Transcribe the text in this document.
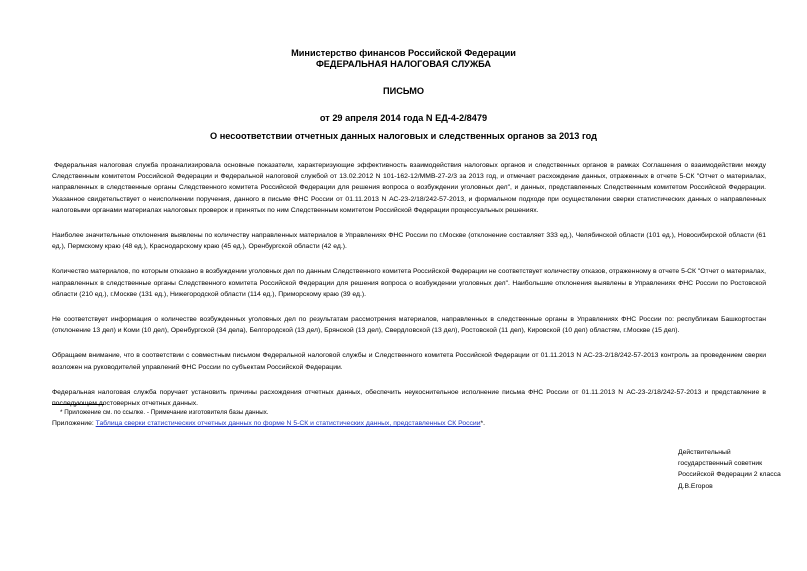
Министерство финансов Российской Федерации
ФЕДЕРАЛЬНАЯ НАЛОГОВАЯ СЛУЖБА
ПИСЬМО
от 29 апреля 2014 года N ЕД-4-2/8479
О несоответствии отчетных данных налоговых и следственных органов за 2013 год

Федеральная налоговая служба проанализировала основные показатели, характеризующие эффективность взаимодействия налоговых органов и следственных органов в рамках Соглашения о взаимодействии между Следственным комитетом Российской Федерации и Федеральной налоговой службой от 13.02.2012 N 101-162-12/ММВ-27-2/3 за 2013 год, и отмечает расхождение данных, отраженных в отчете 5-СК "Отчет о материалах, направленных в следственные органы Следственного комитета Российской Федерации для решения вопроса о возбуждении уголовных дел", и данных, представленных Следственным комитетом Российской Федерации. Указанное свидетельствует о неисполнении поручения, данного в письме ФНС России от 01.11.2013 N АС-23-2/18/242-57-2013, и формальном подходе при осуществлении сверки статистических данных о направленных налоговыми органами материалах налоговых проверок и принятых по ним Следственным комитетом Российской Федерации процессуальных решениях.

Наиболее значительные отклонения выявлены по количеству направленных материалов в Управлениях ФНС России по г.Москве (отклонение составляет 333 ед.), Челябинской области (101 ед.), Новосибирской области (61 ед.), Пермскому краю (48 ед.), Краснодарскому краю (45 ед.), Оренбургской области (42 ед.).

Количество материалов, по которым отказано в возбуждении уголовных дел по данным Следственного комитета Российской Федерации не соответствует количеству отказов, отраженному в отчете 5-СК "Отчет о материалах, направленных в следственные органы Следственного комитета Российской Федерации для решения вопроса о возбуждении уголовных дел". Наибольшие отклонения выявлены в Управлениях ФНС России по Ростовской области (210 ед.), г.Москве (131 ед.), Нижегородской области (114 ед.), Приморскому краю (39 ед.).

Не соответствует информация о количестве возбужденных уголовных дел по результатам рассмотрения материалов, направленных в следственные органы в Управлениях ФНС России по: республикам Башкортостан (отклонение 13 дел) и Коми (10 дел), Оренбургской (34 дела), Белгородской (13 дел), Брянской (13 дел), Свердловской (13 дел), Ростовской (11 дел), Кировской (10 дел) областям, г.Москве (15 дел).

Обращаем внимание, что в соответствии с совместным письмом Федеральной налоговой службы и Следственного комитета Российской Федерации от 01.11.2013 N АС-23-2/18/242-57-2013 контроль за проведением сверки возложен на руководителей управлений ФНС России по субъектам Российской Федерации.

Федеральная налоговая служба поручает установить причины расхождения отчетных данных, обеспечить неукоснительное исполнение письма ФНС России от 01.11.2013 N АС-23-2/18/242-57-2013 и представление в последующем достоверных отчетных данных.

Приложение: Таблица сверки статистических отчетных данных по форме N 5-СК и статистических данных, представленных СК России*.
* Приложение см. по ссылке. - Примечание изготовителя базы данных.
Действительный
государственный советник
Российской Федерации 2 класса
Д.В.Егоров
